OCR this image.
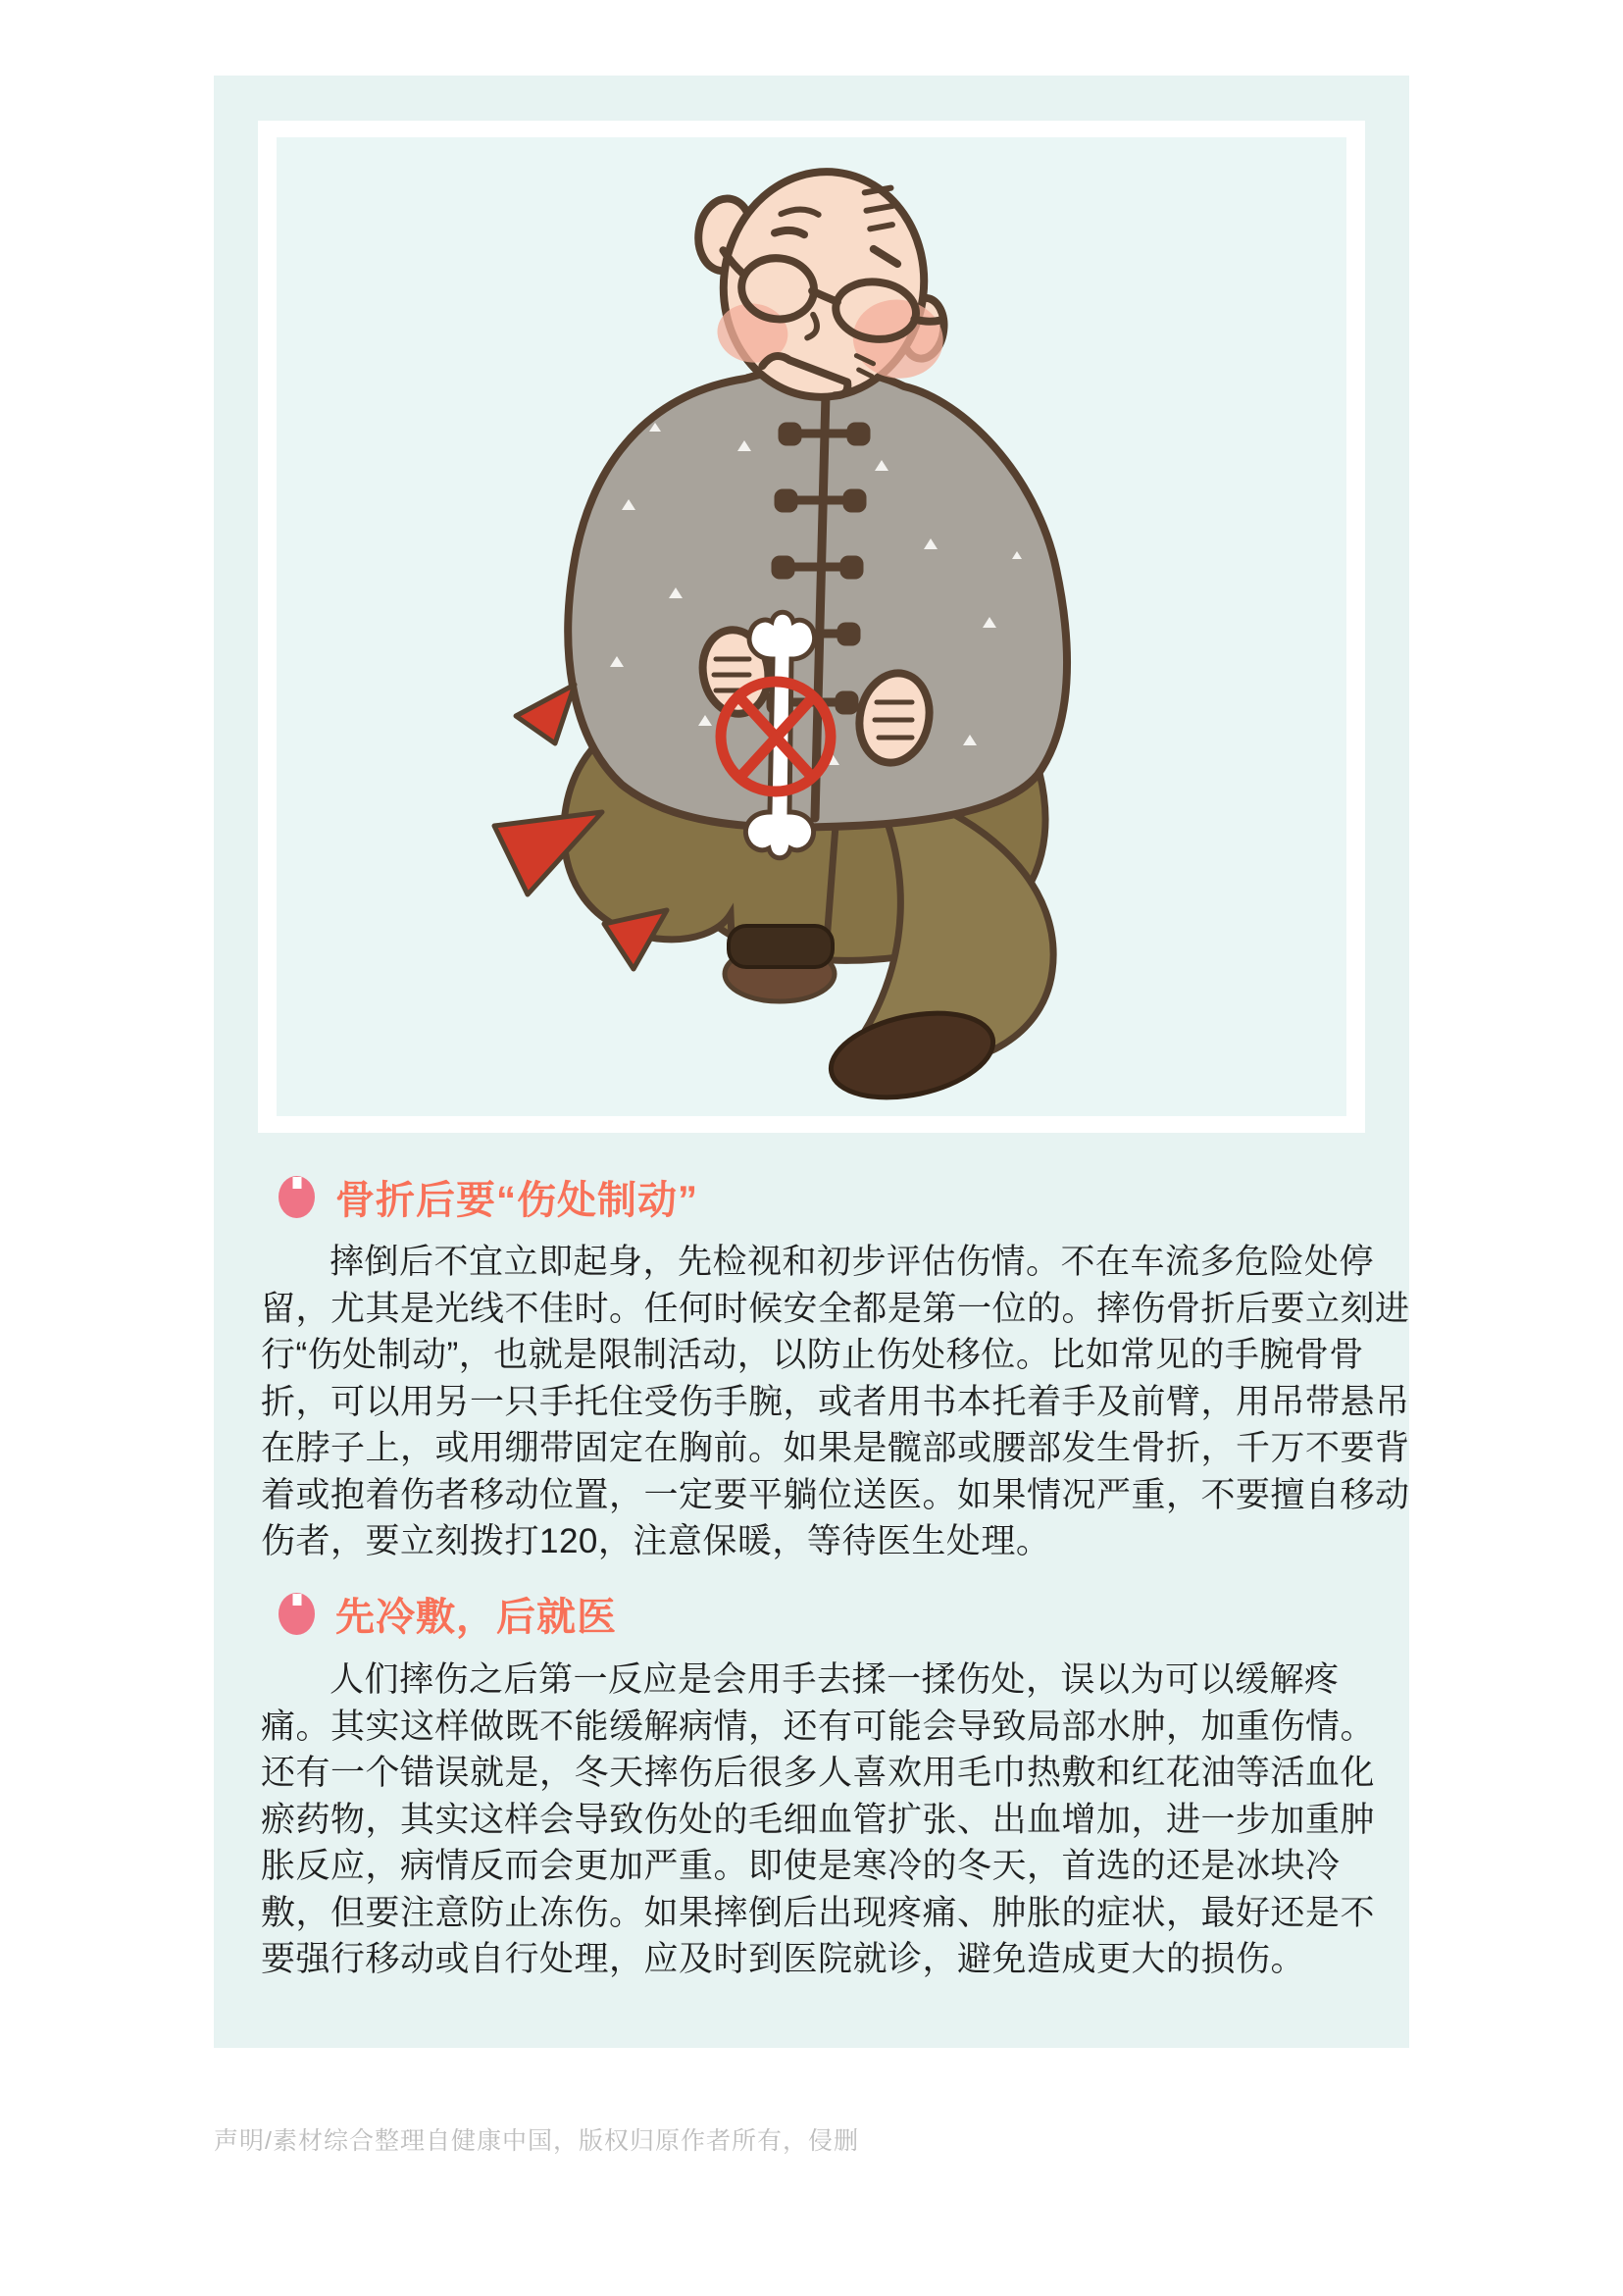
骨折后要“伤处制动”
摔倒后不宜立即起身，先检视和初步评估伤情。不在车流多危险处停
留，尤其是光线不佳时。任何时候安全都是第一位的。摔伤骨折后要立刻进
行“伤处制动”，也就是限制活动，以防止伤处移位。比如常见的手腕骨骨
折，可以用另一只手托住受伤手腕，或者用书本托着手及前臂，用吊带悬吊
在脖子上，或用绷带固定在胸前。如果是髋部或腰部发生骨折，千万不要背
着或抱着伤者移动位置，一定要平躺位送医。如果情况严重，不要擅自移动
伤者，要立刻拨打120，注意保暖，等待医生处理。
先冷敷，后就医
人们摔伤之后第一反应是会用手去揉一揉伤处，误以为可以缓解疼
痛。其实这样做既不能缓解病情，还有可能会导致局部水肿，加重伤情。
还有一个错误就是，冬天摔伤后很多人喜欢用毛巾热敷和红花油等活血化
瘀药物，其实这样会导致伤处的毛细血管扩张、出血增加，进一步加重肿
胀反应，病情反而会更加严重。即使是寒冷的冬天，首选的还是冰块冷
敷，但要注意防止冻伤。如果摔倒后出现疼痛、肿胀的症状，最好还是不
要强行移动或自行处理，应及时到医院就诊，避免造成更大的损伤。
声明/素材综合整理自健康中国，版权归原作者所有，侵删
